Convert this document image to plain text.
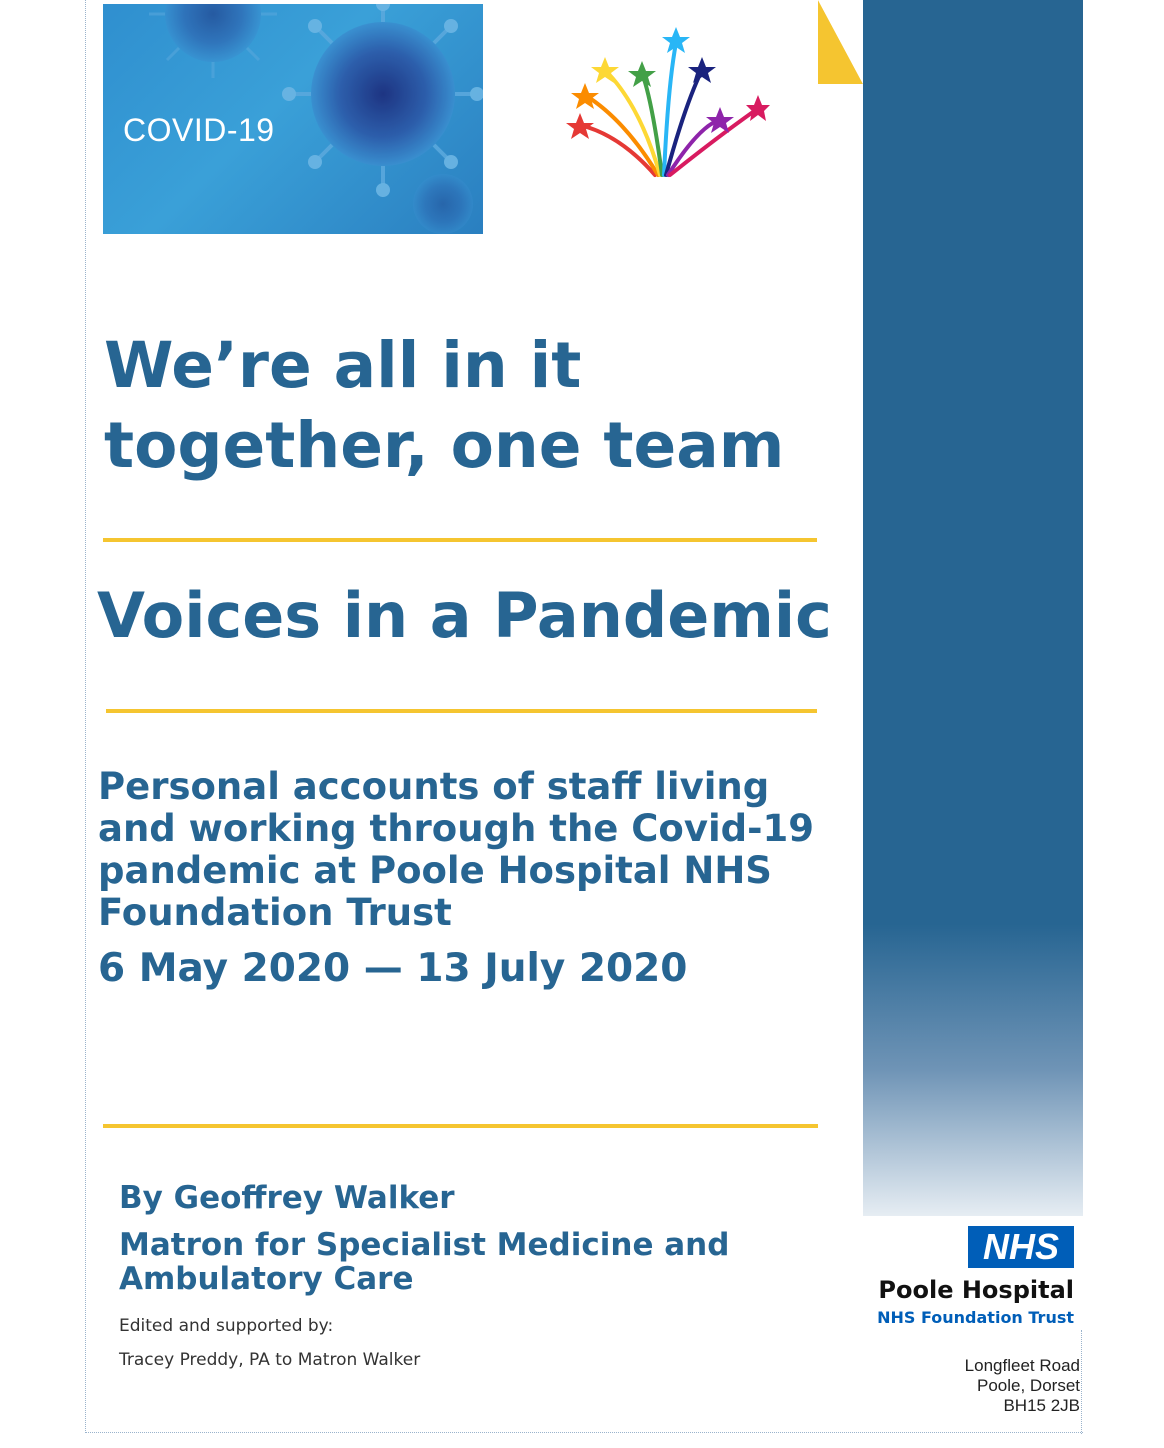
COVID-19
We’re all in it
together, one team
Voices in a Pandemic

Personal accounts of staff living and working through the Covid-19 pandemic at Poole Hospital NHS Foundation Trust

6 May 2020 — 13 July 2020

By Geoffrey Walker
Matron for Specialist Medicine and Ambulatory Care
Edited and supported by:
Tracey Preddy, PA to Matron Walker
NHS
Poole Hospital
NHS Foundation Trust
Longfleet Road
Poole, Dorset
BH15 2JB
